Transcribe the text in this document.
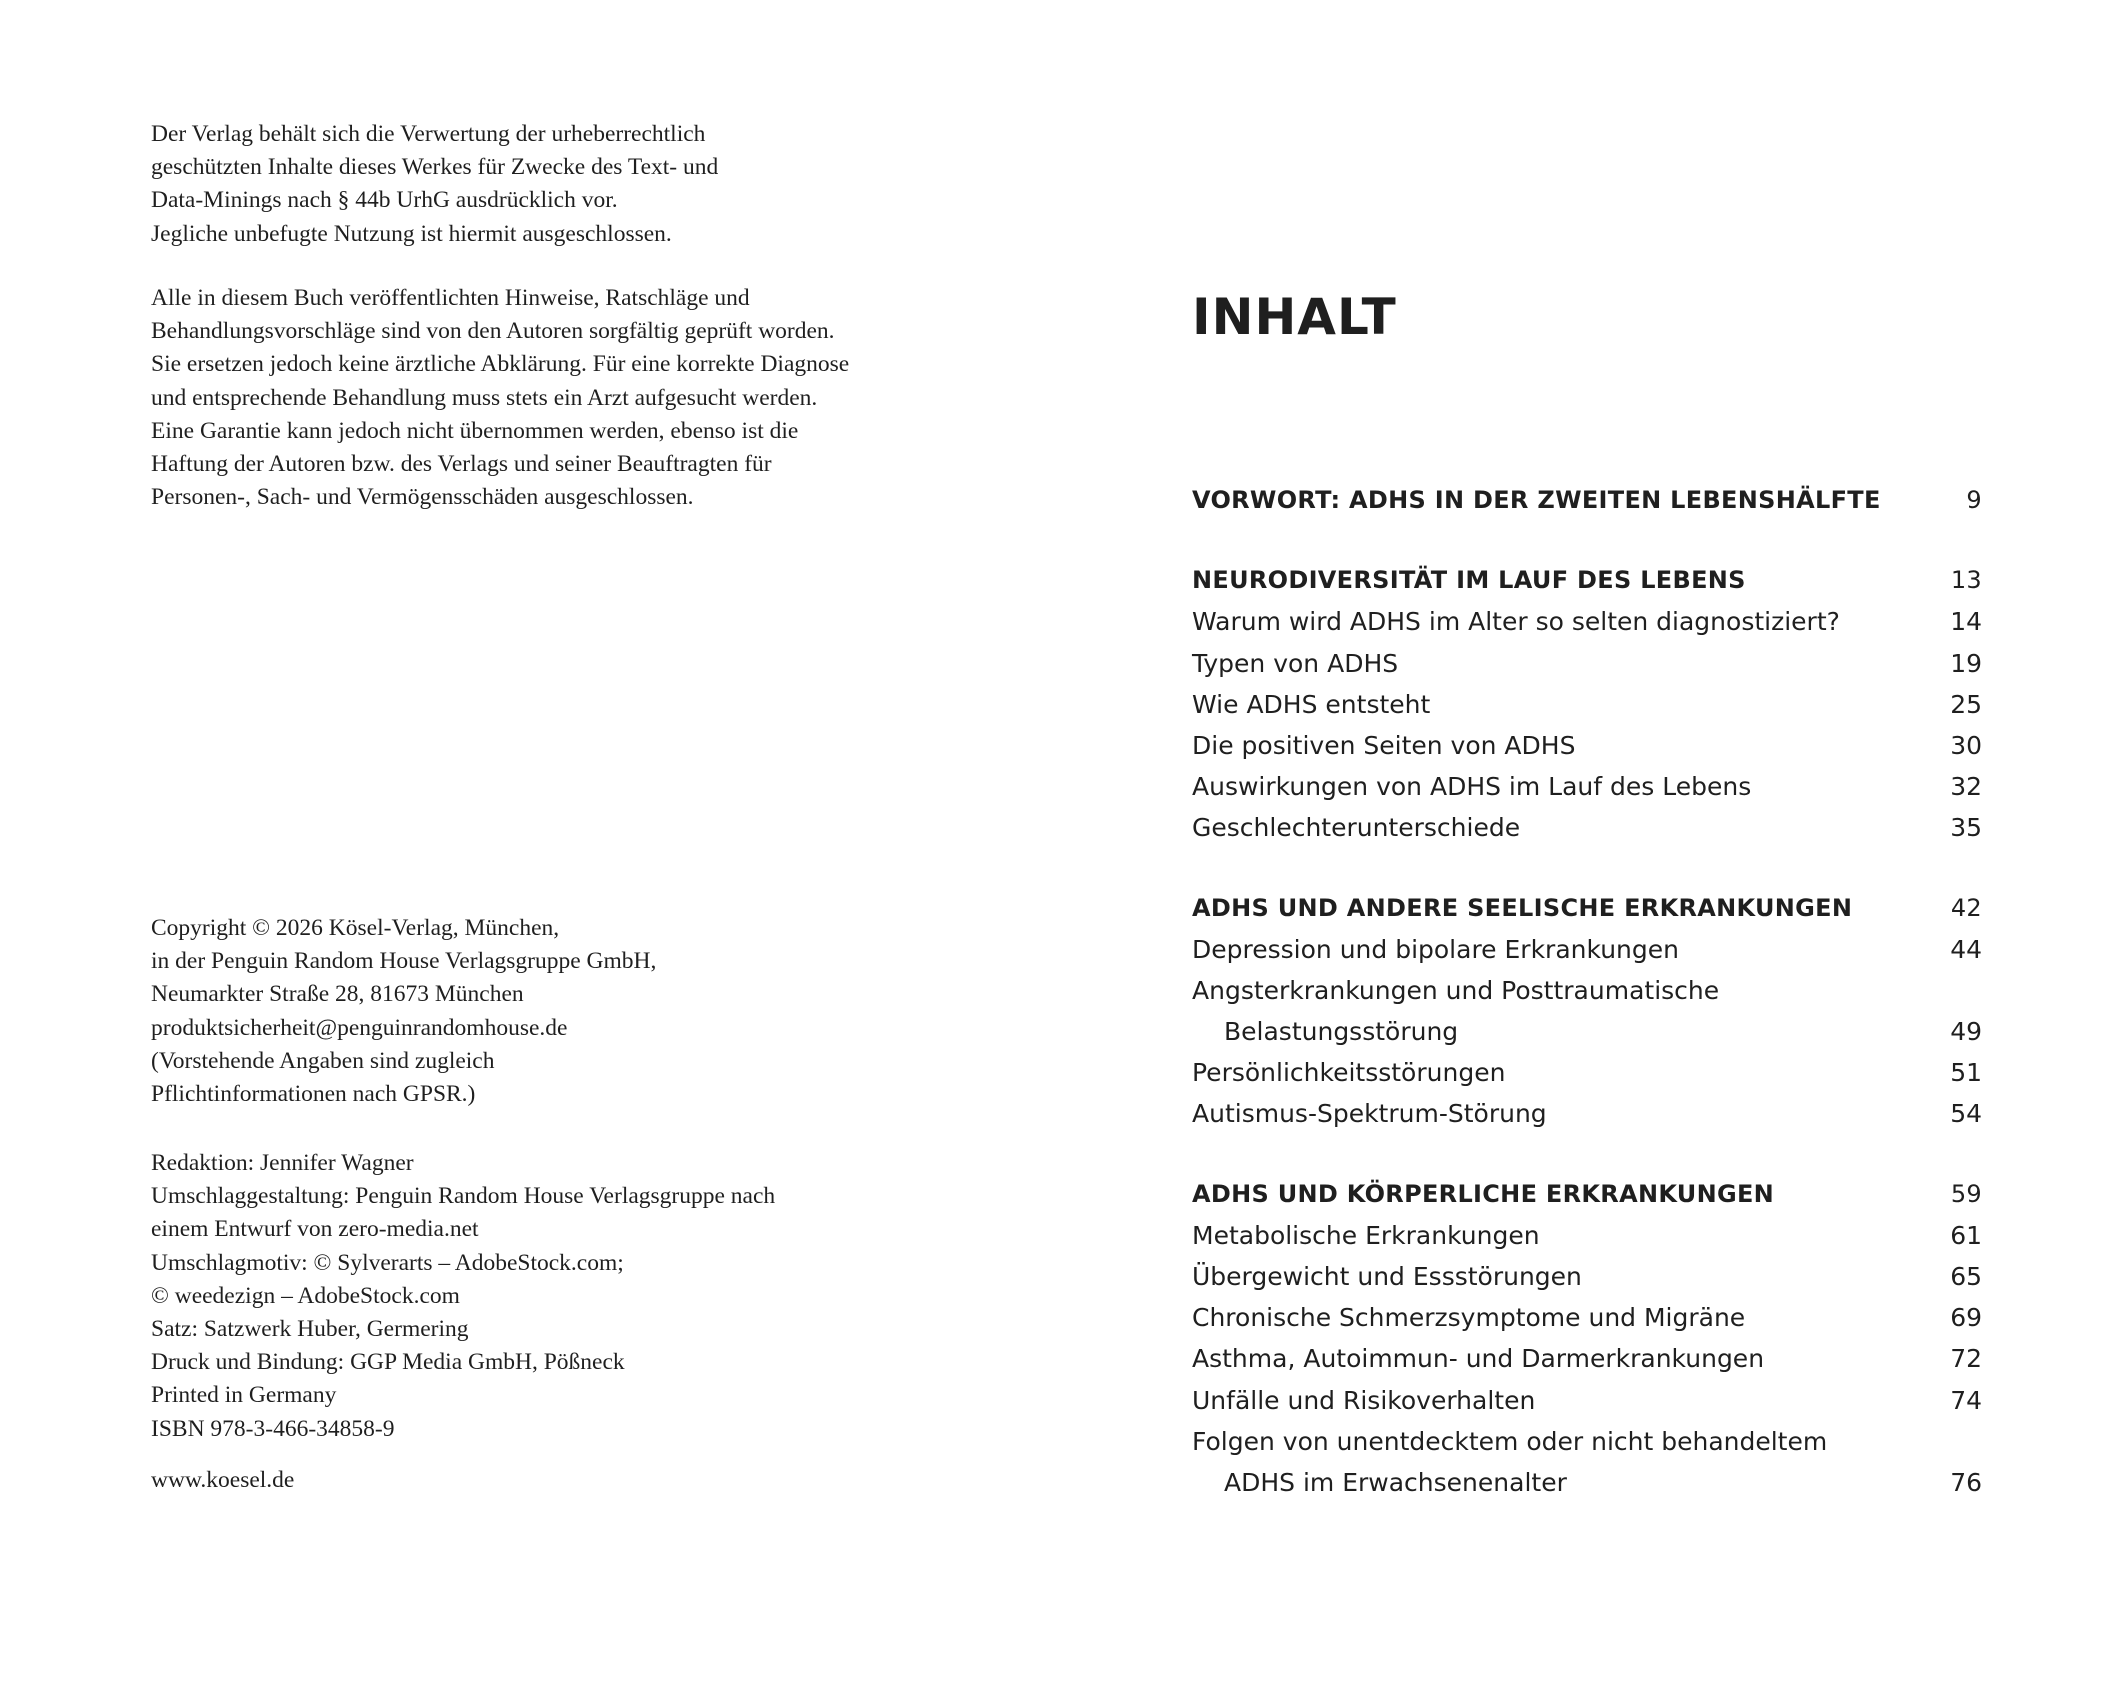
Der Verlag behält sich die Verwertung der urheberrechtlich
geschützten Inhalte dieses Werkes für Zwecke des Text- und
Data-Minings nach § 44b UrhG ausdrücklich vor.
Jegliche unbefugte Nutzung ist hiermit ausgeschlossen.

Alle in diesem Buch veröffentlichten Hinweise, Ratschläge und
Behandlungsvorschläge sind von den Autoren sorgfältig geprüft worden.
Sie ersetzen jedoch keine ärztliche Abklärung. Für eine korrekte Diagnose
und entsprechende Behandlung muss stets ein Arzt aufgesucht werden.
Eine Garantie kann jedoch nicht übernommen werden, ebenso ist die
Haftung der Autoren bzw. des Verlags und seiner Beauftragten für
Personen-, Sach- und Vermögensschäden ausgeschlossen.

Copyright © 2026 Kösel-Verlag, München,
in der Penguin Random House Verlagsgruppe GmbH,
Neumarkter Straße 28, 81673 München
produktsicherheit@penguinrandomhouse.de
(Vorstehende Angaben sind zugleich
Pflichtinformationen nach GPSR.)

Redaktion: Jennifer Wagner
Umschlaggestaltung: Penguin Random House Verlagsgruppe nach
einem Entwurf von zero-media.net
Umschlagmotiv: © Sylverarts – AdobeStock.com;
© weedezign – AdobeStock.com
Satz: Satzwerk Huber, Germering
Druck und Bindung: GGP Media GmbH, Pößneck
Printed in Germany
ISBN 978-3-466-34858-9

www.koesel.de

INHALT
VORWORT: ADHS IN DER ZWEITEN LEBENSHÄLFTE	9
NEURODIVERSITÄT IM LAUF DES LEBENS	13
Warum wird ADHS im Alter so selten diagnostiziert?	14
Typen von ADHS	19
Wie ADHS entsteht	25
Die positiven Seiten von ADHS	30
Auswirkungen von ADHS im Lauf des Lebens	32
Geschlechterunterschiede	35
ADHS UND ANDERE SEELISCHE ERKRANKUNGEN	42
Depression und bipolare Erkrankungen	44
Angsterkrankungen und Posttraumatische
Belastungsstörung	49
Persönlichkeitsstörungen	51
Autismus-Spektrum-Störung	54
ADHS UND KÖRPERLICHE ERKRANKUNGEN	59
Metabolische Erkrankungen	61
Übergewicht und Essstörungen	65
Chronische Schmerzsymptome und Migräne	69
Asthma, Autoimmun- und Darmerkrankungen	72
Unfälle und Risikoverhalten	74
Folgen von unentdecktem oder nicht behandeltem
ADHS im Erwachsenenalter	76
